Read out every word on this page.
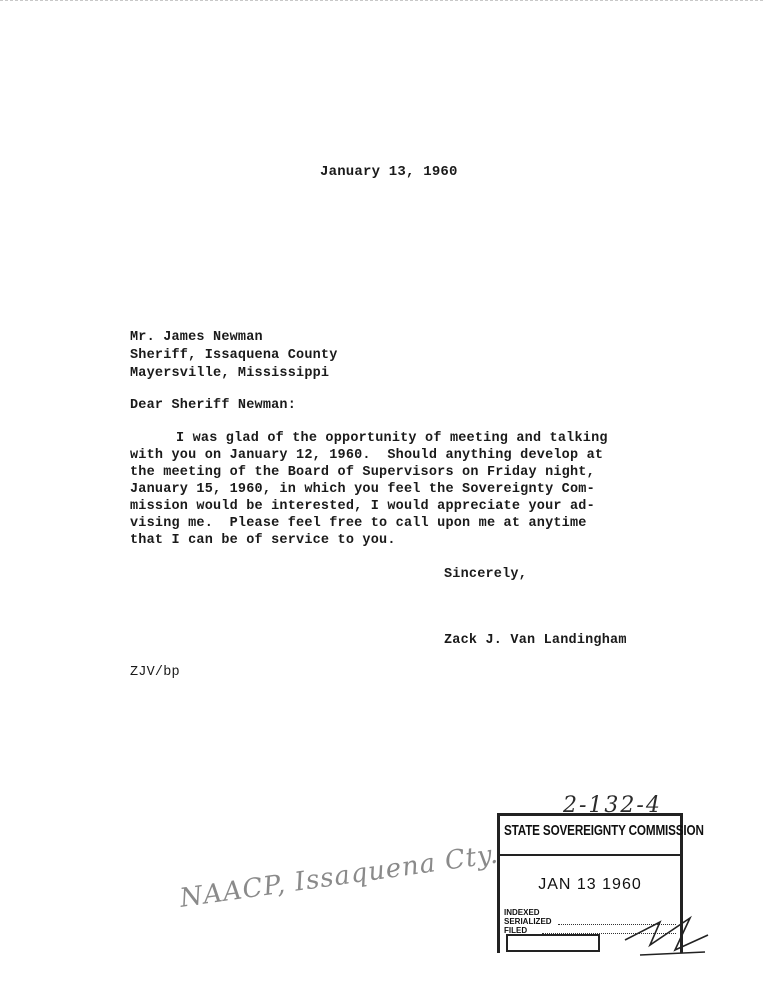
January 13, 1960
Mr. James Newman
Sheriff, Issaquena County
Mayersville, Mississippi
Dear Sheriff Newman:
I was glad of the opportunity of meeting and talking
with you on January 12, 1960.  Should anything develop at
the meeting of the Board of Supervisors on Friday night,
January 15, 1960, in which you feel the Sovereignty Com-
mission would be interested, I would appreciate your ad-
vising me.  Please feel free to call upon me at anytime
that I can be of service to you.
Sincerely,
Zack J. Van Landingham
ZJV/bp
2-132-4
NAACP, Issaquena Cty.
STATE SOVEREIGNTY COMMISSION
JAN 13 1960
INDEXED
SERIALIZED
FILED
